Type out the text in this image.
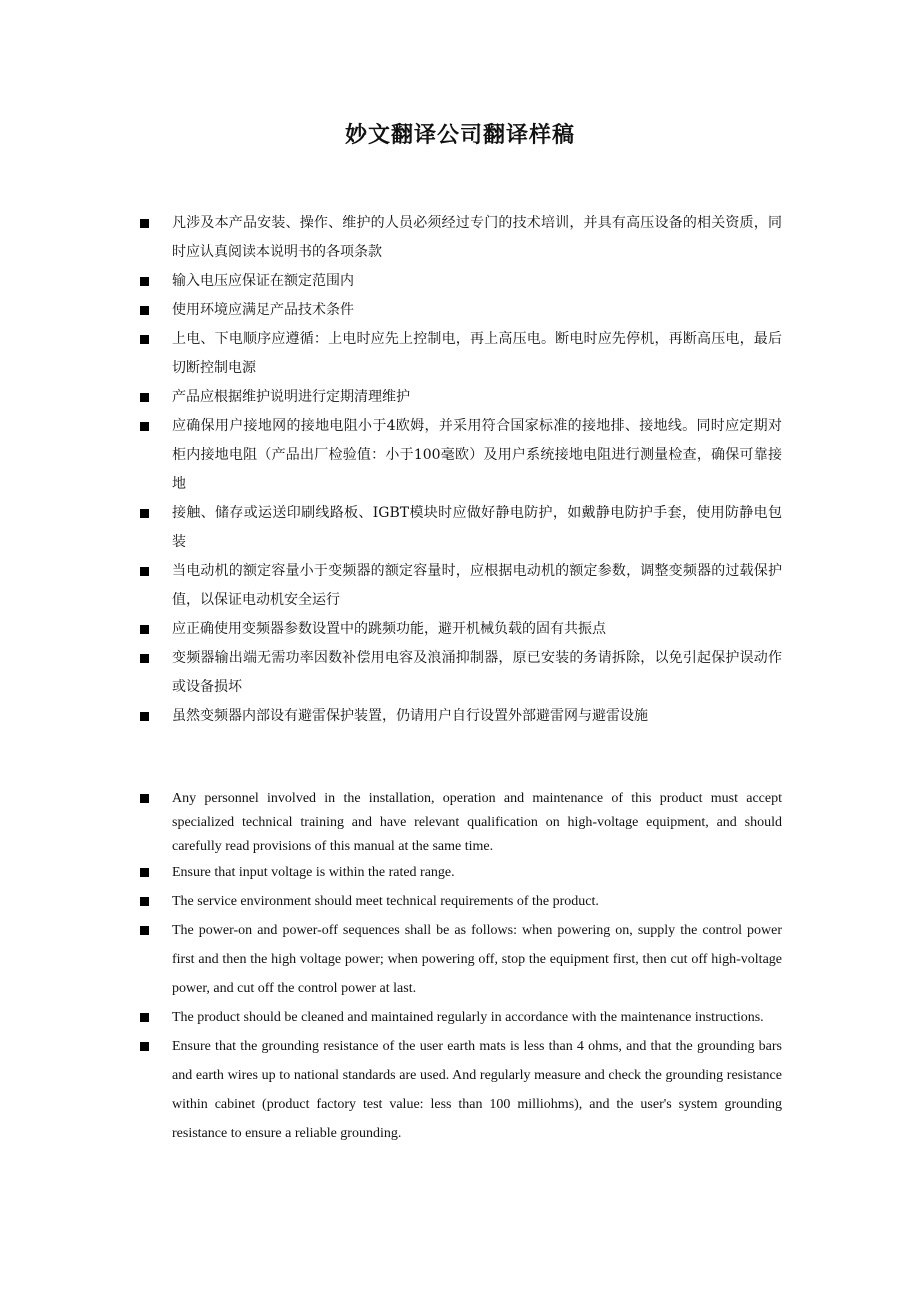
妙文翻译公司翻译样稿
凡涉及本产品安装、操作、维护的人员必须经过专门的技术培训，并具有高压设备的相关资质，同时应认真阅读本说明书的各项条款
输入电压应保证在额定范围内
使用环境应满足产品技术条件
上电、下电顺序应遵循：上电时应先上控制电，再上高压电。断电时应先停机，再断高压电，最后切断控制电源
产品应根据维护说明进行定期清理维护
应确保用户接地网的接地电阻小于4欧姆，并采用符合国家标准的接地排、接地线。同时应定期对柜内接地电阻（产品出厂检验值：小于100毫欧）及用户系统接地电阻进行测量检查，确保可靠接地
接触、储存或运送印刷线路板、IGBT模块时应做好静电防护，如戴静电防护手套，使用防静电包装
当电动机的额定容量小于变频器的额定容量时，应根据电动机的额定参数，调整变频器的过载保护值，以保证电动机安全运行
应正确使用变频器参数设置中的跳频功能，避开机械负载的固有共振点
变频器输出端无需功率因数补偿用电容及浪涌抑制器，原已安装的务请拆除，以免引起保护误动作或设备损坏
虽然变频器内部设有避雷保护装置，仍请用户自行设置外部避雷网与避雷设施
Any personnel involved in the installation, operation and maintenance of this product must accept specialized technical training and have relevant qualification on high-voltage equipment, and should carefully read provisions of this manual at the same time.
Ensure that input voltage is within the rated range.
The service environment should meet technical requirements of the product.
The power-on and power-off sequences shall be as follows: when powering on, supply the control power first and then the high voltage power; when powering off, stop the equipment first, then cut off high-voltage power, and cut off the control power at last.
The product should be cleaned and maintained regularly in accordance with the maintenance instructions.
Ensure that the grounding resistance of the user earth mats is less than 4 ohms, and that the grounding bars and earth wires up to national standards are used. And regularly measure and check the grounding resistance within cabinet (product factory test value: less than 100 milliohms), and the user's system grounding resistance to ensure a reliable grounding.
